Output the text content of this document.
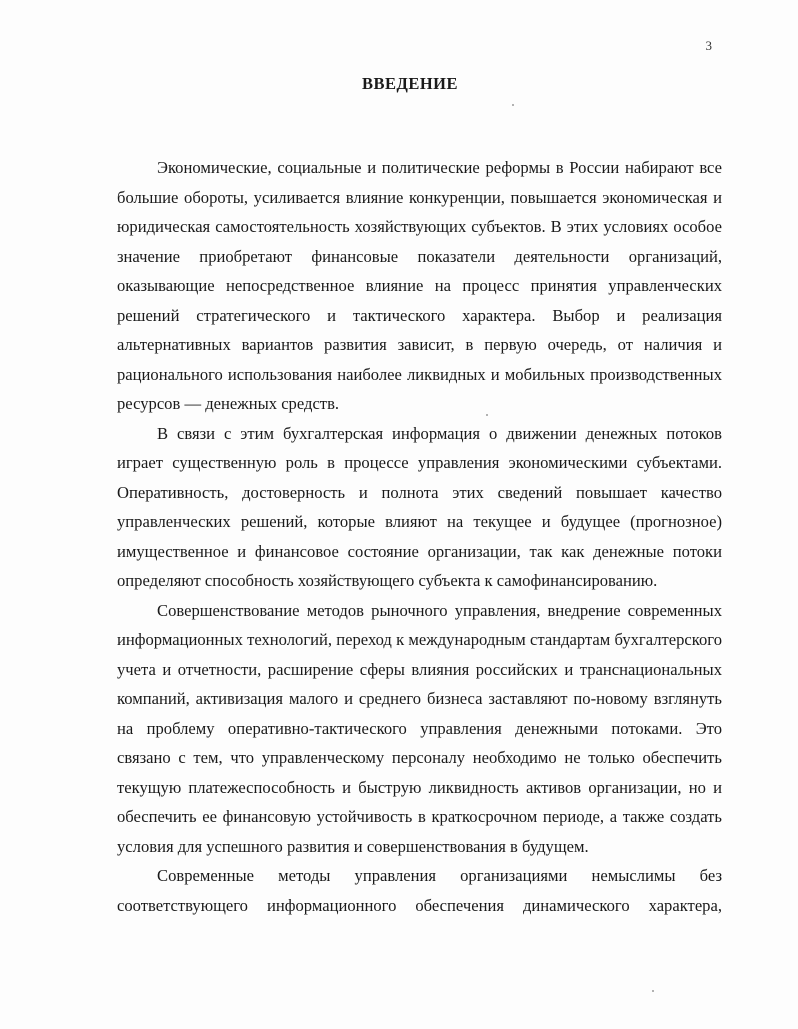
3
ВВЕДЕНИЕ

Экономические, социальные и политические реформы в России набирают все большие обороты, усиливается влияние конкуренции, повышается экономическая и юридическая самостоятельность хозяйствующих субъектов. В этих условиях особое значение приобретают финансовые показатели деятельности организаций, оказывающие непосредственное влияние на процесс принятия управленческих решений стратегического и тактического характера. Выбор и реализация альтернативных вариантов развития зависит, в первую очередь, от наличия и рационального использования наиболее ликвидных и мобильных производственных ресурсов — денежных средств.

В связи с этим бухгалтерская информация о движении денежных потоков играет существенную роль в процессе управления экономическими субъектами. Оперативность, достоверность и полнота этих сведений повышает качество управленческих решений, которые влияют на текущее и будущее (прогнозное) имущественное и финансовое состояние организации, так как денежные потоки определяют способность хозяйствующего субъекта к самофинансированию.

Совершенствование методов рыночного управления, внедрение современных информационных технологий, переход к международным стандартам бухгалтерского учета и отчетности, расширение сферы влияния российских и транснациональных компаний, активизация малого и среднего бизнеса заставляют по-новому взглянуть на проблему оперативно-тактического управления денежными потоками. Это связано с тем, что управленческому персоналу необходимо не только обеспечить текущую платежеспособность и быструю ликвидность активов организации, но и обеспечить ее финансовую устойчивость в краткосрочном периоде, а также создать условия для успешного развития и совершенствования в будущем.

Современные методы управления организациями немыслимы без соответствующего информационного обеспечения динамического характера,
